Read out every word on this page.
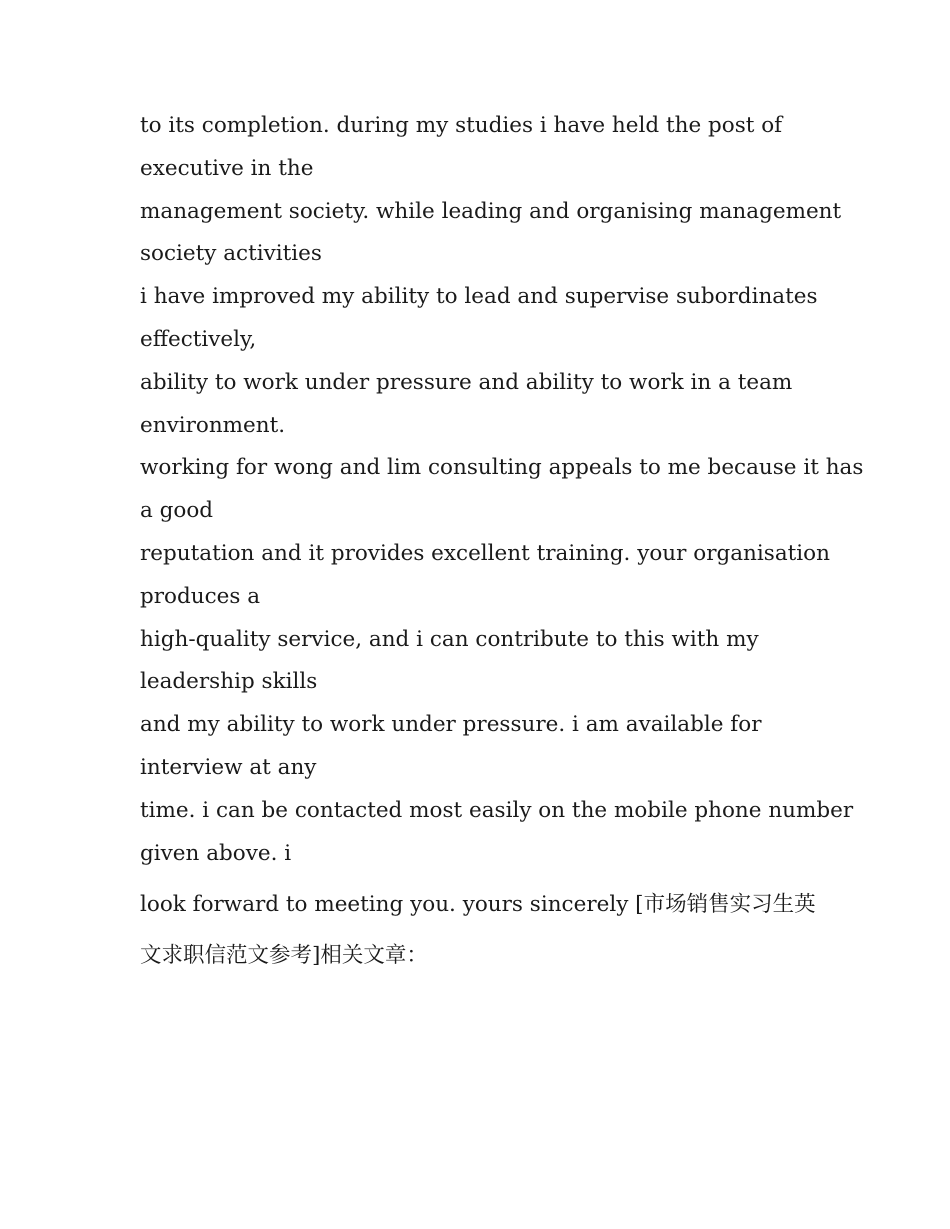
to its completion. during my studies i have held the post of
executive in the
management society. while leading and organising management
society activities
i have improved my ability to lead and supervise subordinates
effectively,
ability to work under pressure and ability to work in a team
environment.
working for wong and lim consulting appeals to me because it has
a good
reputation and it provides excellent training. your organisation
produces a
high-quality service, and i can contribute to this with my
leadership skills
and my ability to work under pressure. i am available for
interview at any
time. i can be contacted most easily on the mobile phone number
given above. i
look forward to meeting you. yours sincerely [市场销售实习生英文求职信范文参考]相关文章：
